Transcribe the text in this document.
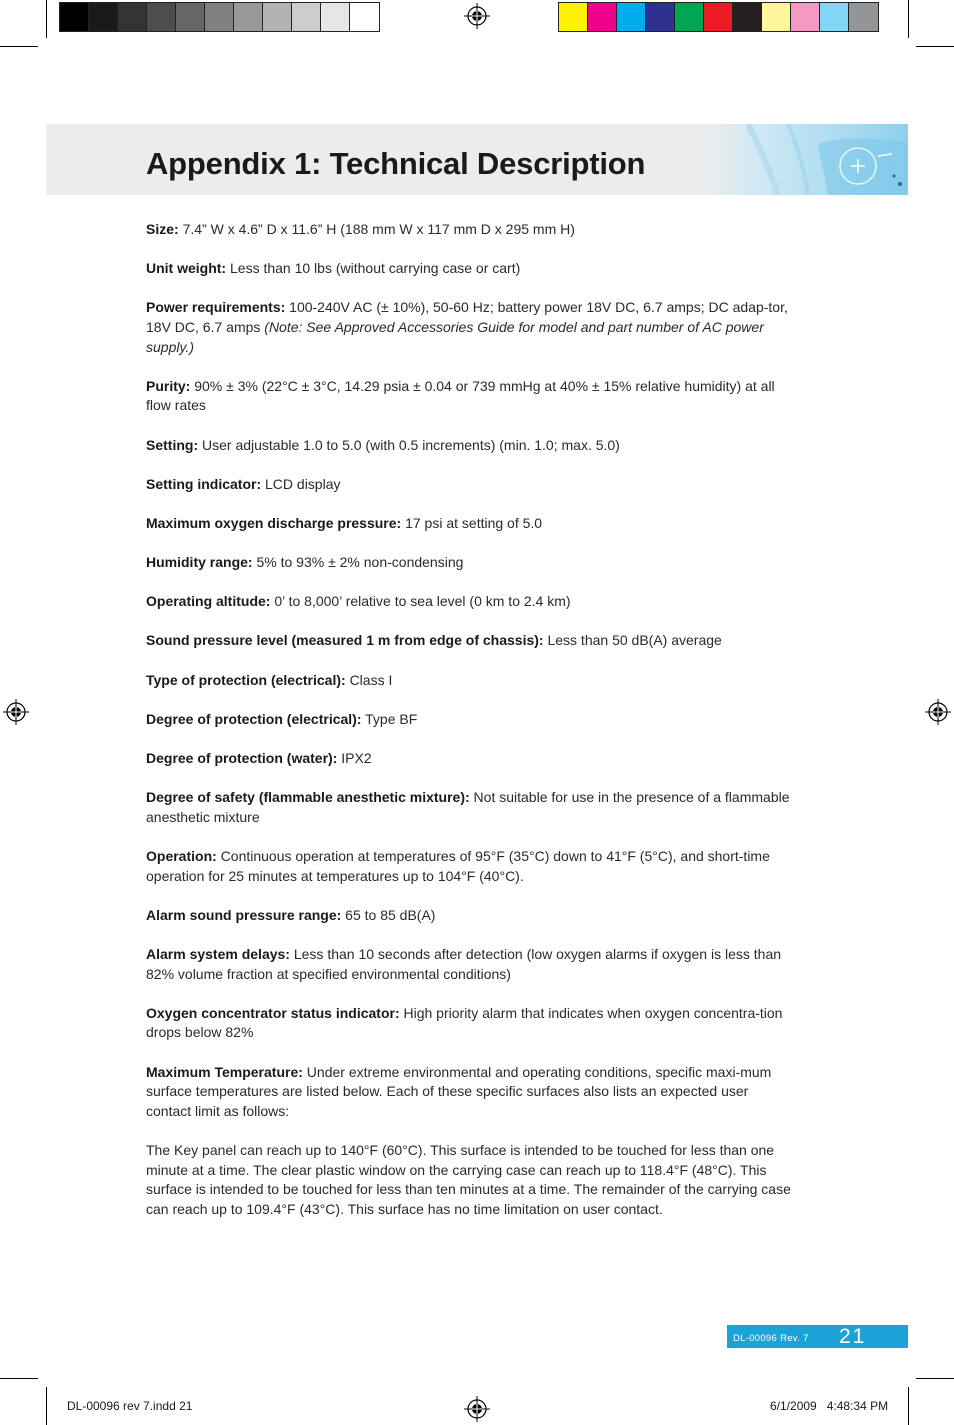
Appendix 1: Technical Description

Size: 7.4” W x 4.6” D x 11.6” H (188 mm W x 117 mm D x 295 mm H)

Unit weight: Less than 10 lbs (without carrying case or cart)

Power requirements: 100-240V AC (± 10%), 50-60 Hz; battery power 18V DC, 6.7 amps; DC adap-tor, 18V DC, 6.7 amps (Note: See Approved Accessories Guide for model and part number of AC power supply.)

Purity: 90% ± 3% (22°C ± 3°C, 14.29 psia ± 0.04 or 739 mmHg at 40% ± 15% relative humidity) at all flow rates

Setting: User adjustable 1.0 to 5.0 (with 0.5 increments) (min. 1.0; max. 5.0)

Setting indicator: LCD display

Maximum oxygen discharge pressure: 17 psi at setting of 5.0

Humidity range: 5% to 93% ± 2% non-condensing

Operating altitude: 0’ to 8,000’ relative to sea level (0 km to 2.4 km)

Sound pressure level (measured 1 m from edge of chassis): Less than 50 dB(A) average

Type of protection (electrical): Class I

Degree of protection (electrical): Type BF

Degree of protection (water): IPX2

Degree of safety (flammable anesthetic mixture): Not suitable for use in the presence of a flammable anesthetic mixture

Operation: Continuous operation at temperatures of 95°F (35°C) down to 41°F (5°C), and short-time operation for 25 minutes at temperatures up to 104°F (40°C).

Alarm sound pressure range: 65 to 85 dB(A)

Alarm system delays: Less than 10 seconds after detection (low oxygen alarms if oxygen is less than 82% volume fraction at specified environmental conditions)

Oxygen concentrator status indicator: High priority alarm that indicates when oxygen concentra-tion drops below 82%

Maximum Temperature: Under extreme environmental and operating conditions, specific maxi-mum surface temperatures are listed below. Each of these specific surfaces also lists an expected user contact limit as follows:

The Key panel can reach up to 140°F (60°C). This surface is intended to be touched for less than one minute at a time. The clear plastic window on the carrying case can reach up to 118.4°F (48°C). This surface is intended to be touched for less than ten minutes at a time. The remainder of the carrying case can reach up to 109.4°F (43°C). This surface has no time limitation on user contact.

DL-00096 Rev. 7 21
DL-00096 rev 7.indd 21	6/1/2009   4:48:34 PM
